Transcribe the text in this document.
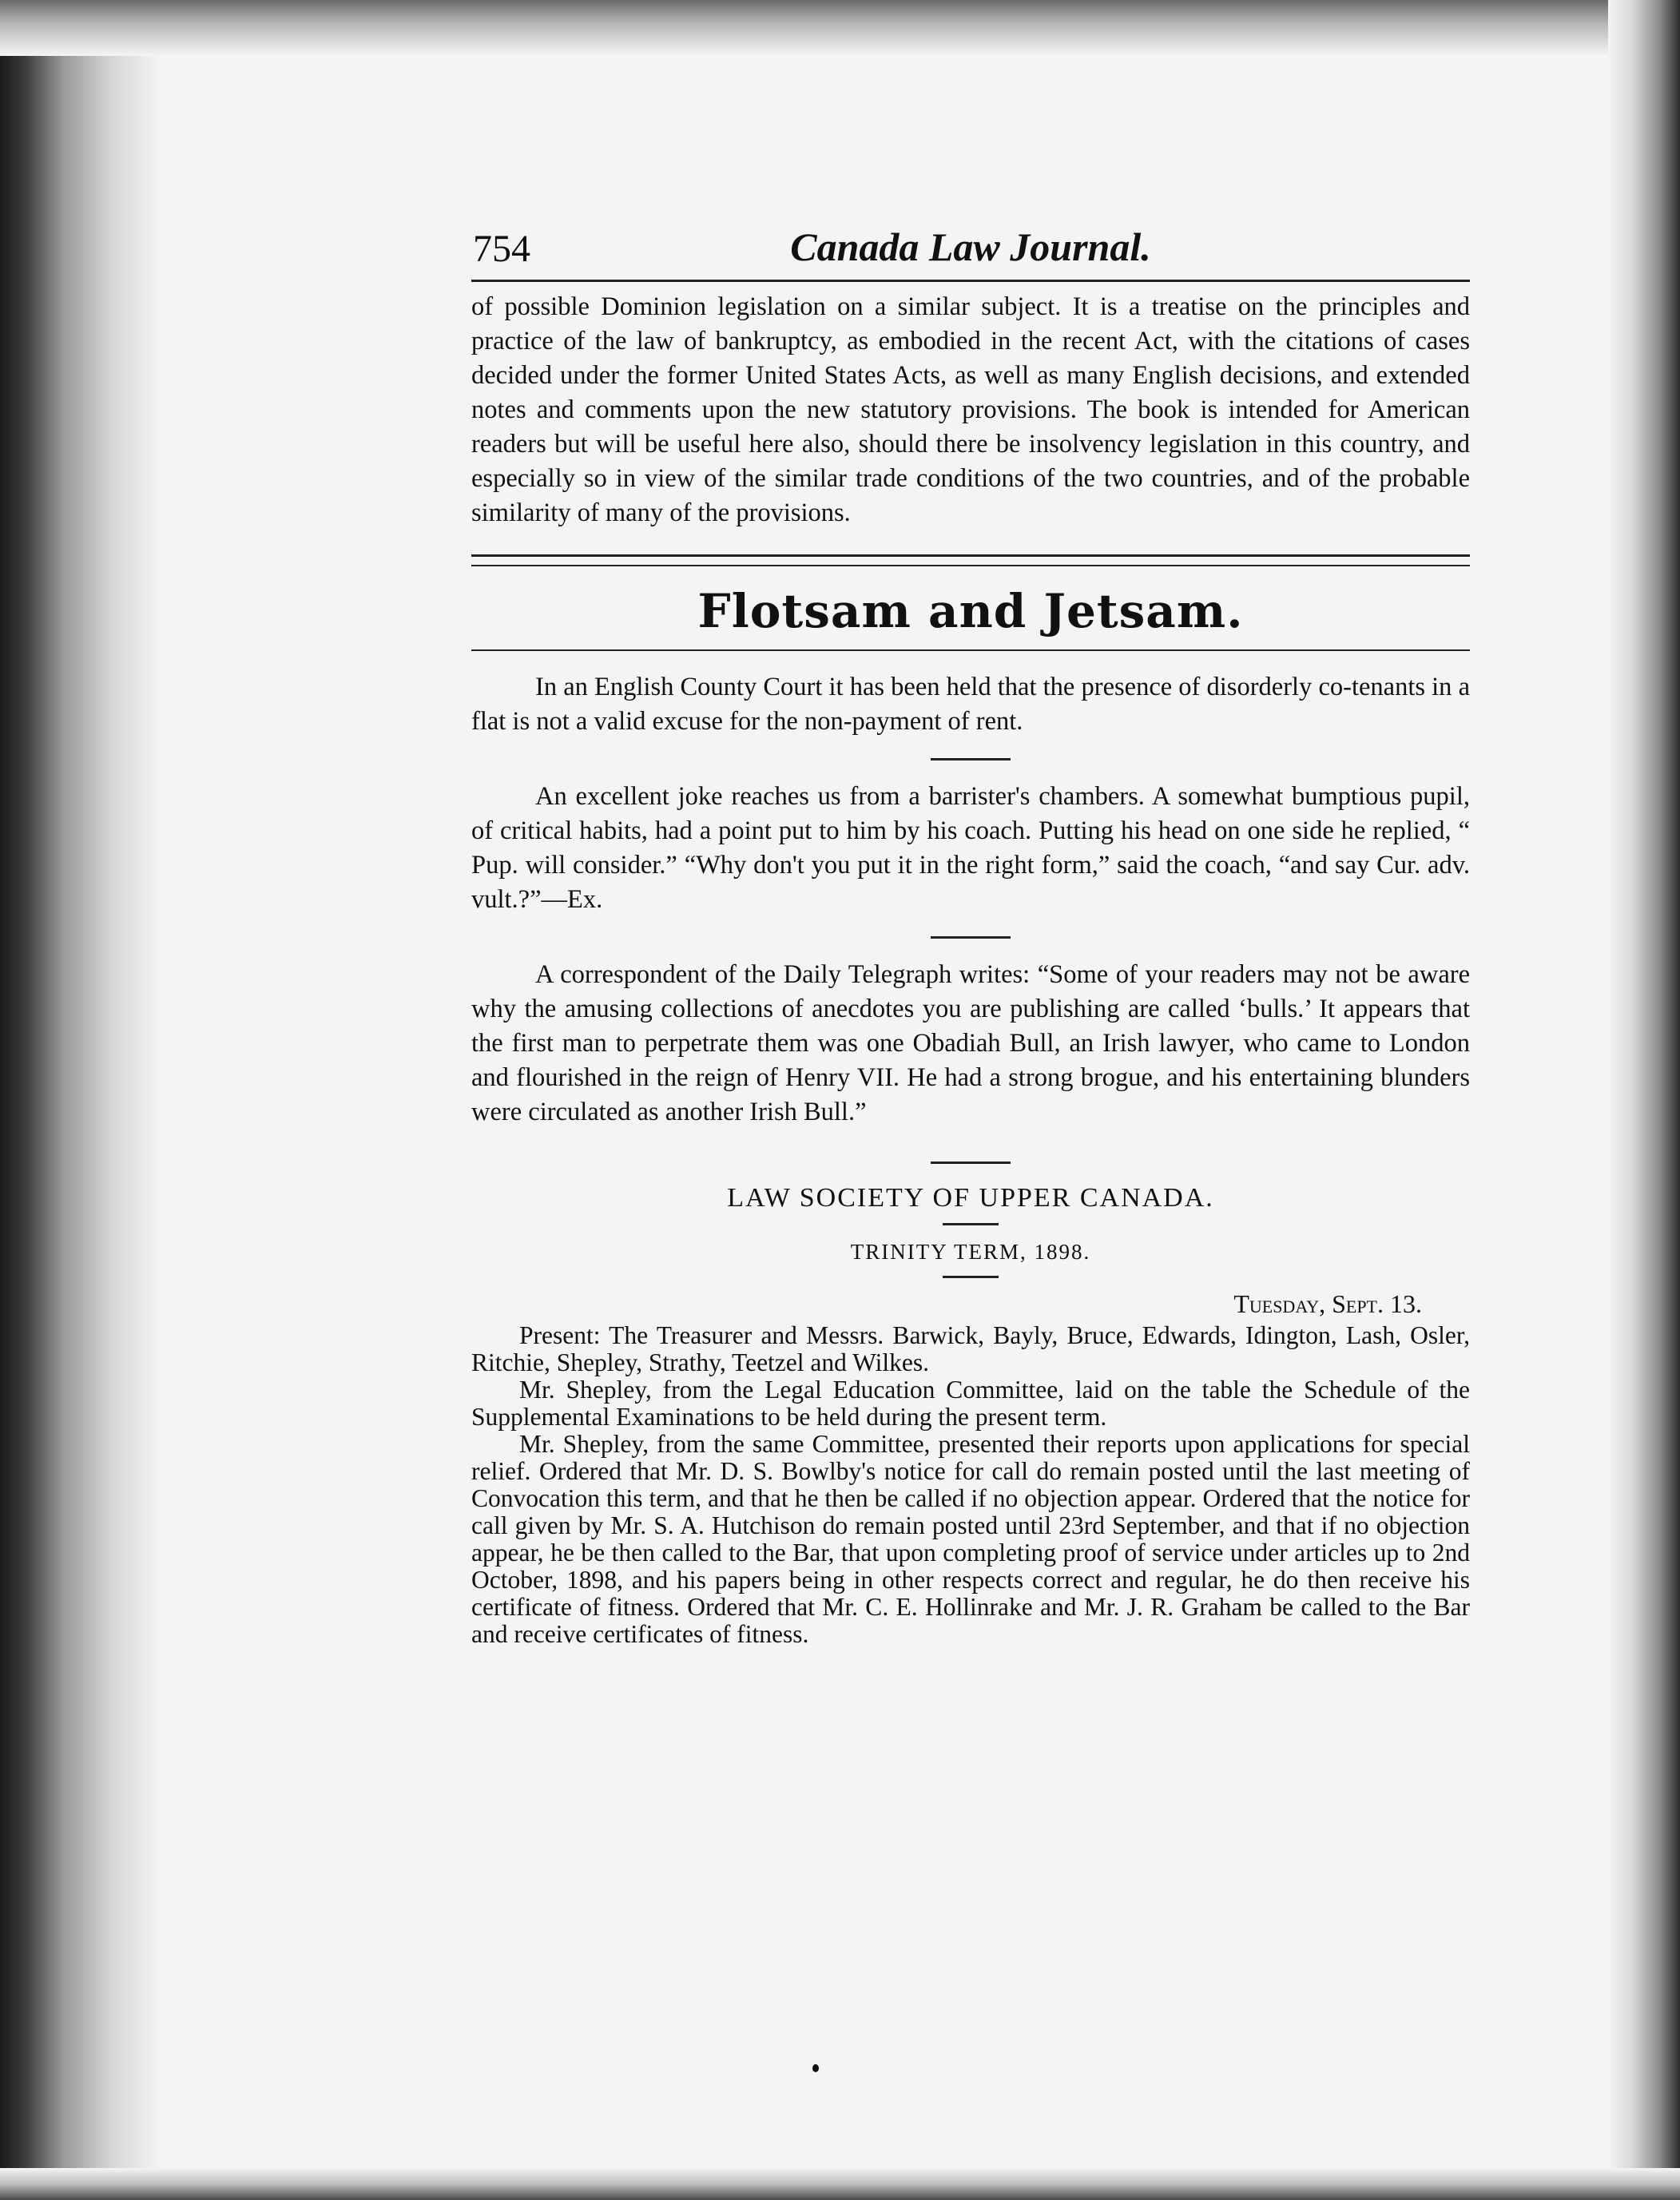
754	Canada Law Journal.

of possible Dominion legislation on a similar subject. It is a treatise on the principles and practice of the law of bankruptcy, as embodied in the recent Act, with the citations of cases decided under the former United States Acts, as well as many English decisions, and extended notes and comments upon the new statutory provisions. The book is intended for American readers but will be useful here also, should there be insolvency legislation in this country, and especially so in view of the similar trade conditions of the two countries, and of the probable similarity of many of the provisions.

Flotsam and Jetsam.

In an English County Court it has been held that the presence of disorderly co-tenants in a flat is not a valid excuse for the non-payment of rent.

An excellent joke reaches us from a barrister's chambers. A somewhat bumptious pupil, of critical habits, had a point put to him by his coach. Putting his head on one side he replied, “ Pup. will consider.” “Why don't you put it in the right form,” said the coach, “and say Cur. adv. vult.?”—Ex.

A correspondent of the Daily Telegraph writes: “Some of your readers may not be aware why the amusing collections of anecdotes you are publishing are called ‘bulls.’ It appears that the first man to perpetrate them was one Obadiah Bull, an Irish lawyer, who came to London and flourished in the reign of Henry VII. He had a strong brogue, and his entertaining blunders were circulated as another Irish Bull.”

LAW SOCIETY OF UPPER CANADA.

TRINITY TERM, 1898.

Tuesday, Sept. 13.

Present: The Treasurer and Messrs. Barwick, Bayly, Bruce, Edwards, Idington, Lash, Osler, Ritchie, Shepley, Strathy, Teetzel and Wilkes.

Mr. Shepley, from the Legal Education Committee, laid on the table the Schedule of the Supplemental Examinations to be held during the present term.

Mr. Shepley, from the same Committee, presented their reports upon applications for special relief. Ordered that Mr. D. S. Bowlby's notice for call do remain posted until the last meeting of Convocation this term, and that he then be called if no objection appear. Ordered that the notice for call given by Mr. S. A. Hutchison do remain posted until 23rd September, and that if no objection appear, he be then called to the Bar, that upon completing proof of service under articles up to 2nd October, 1898, and his papers being in other respects correct and regular, he do then receive his certificate of fitness. Ordered that Mr. C. E. Hollinrake and Mr. J. R. Graham be called to the Bar and receive certificates of fitness.
